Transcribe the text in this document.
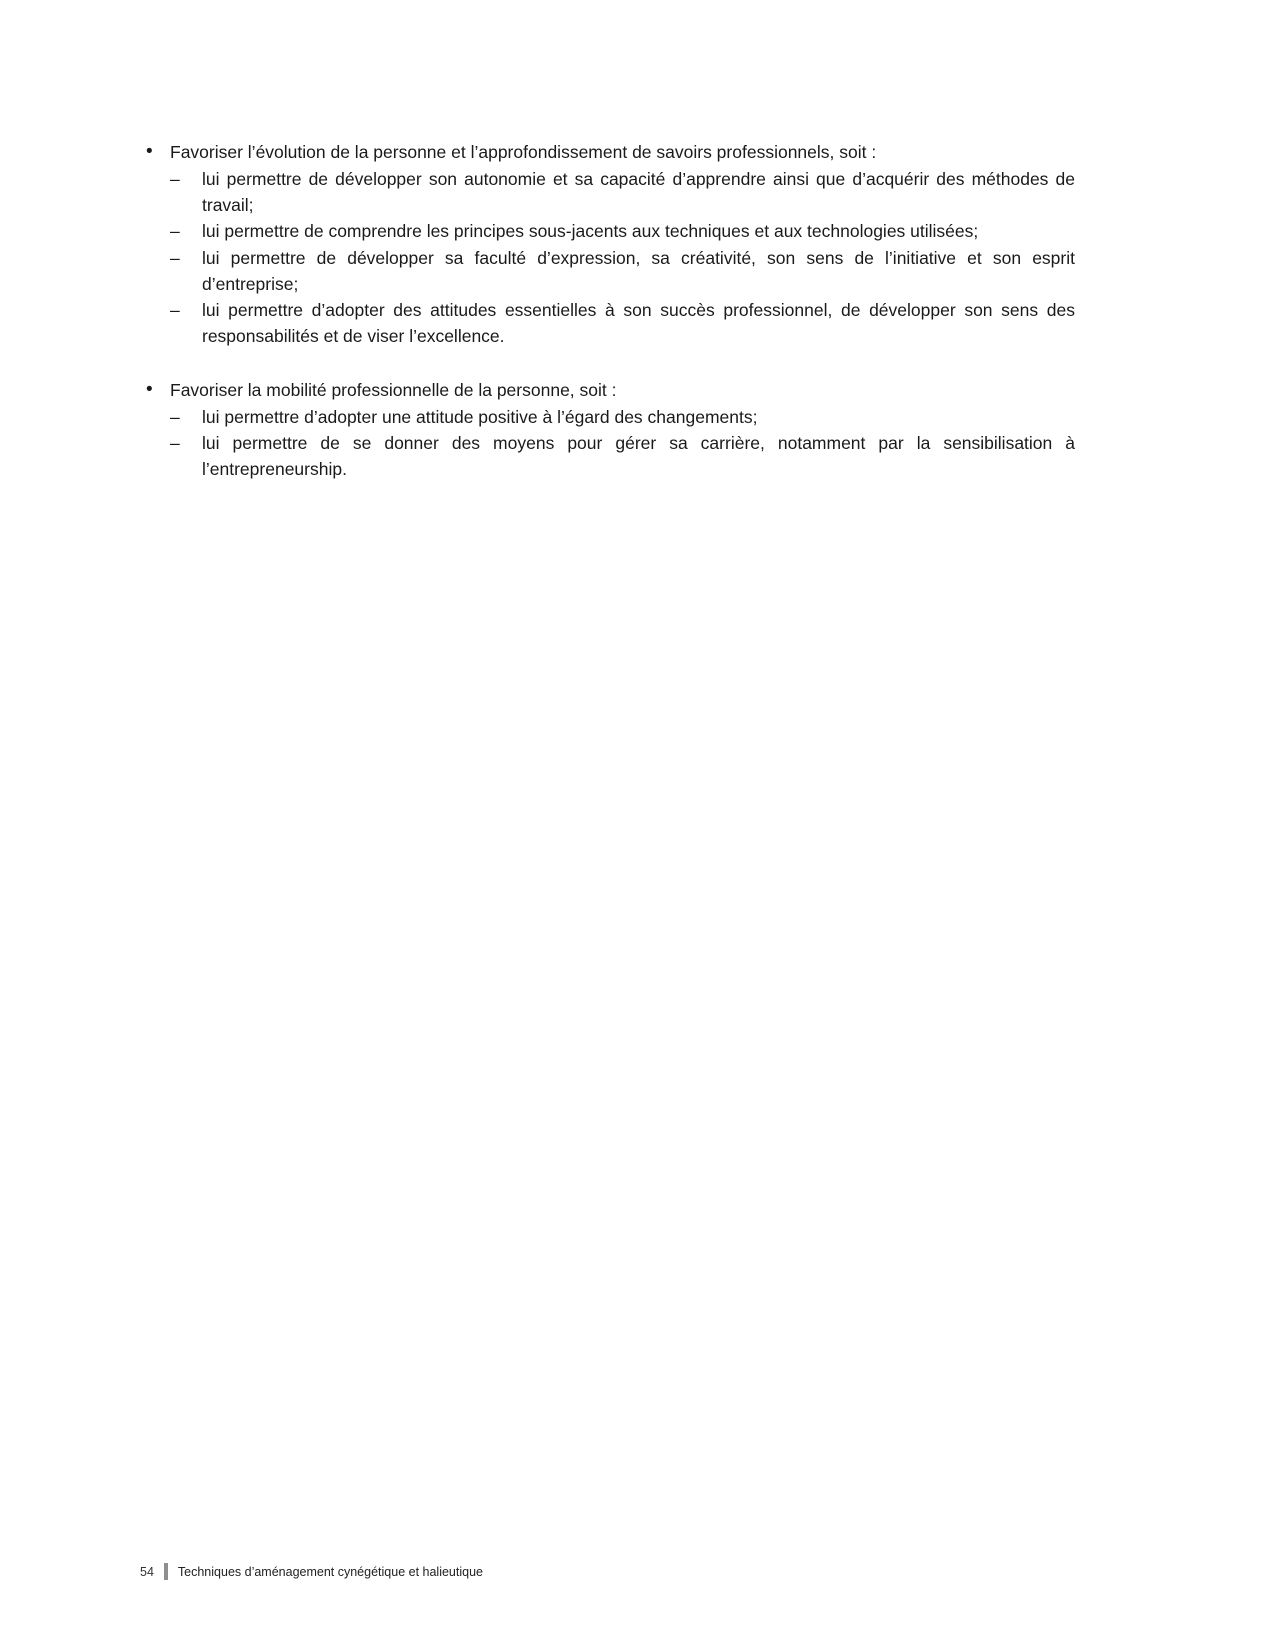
• Favoriser l’évolution de la personne et l’approfondissement de savoirs professionnels, soit :
– lui permettre de développer son autonomie et sa capacité d’apprendre ainsi que d’acquérir des méthodes de travail;
– lui permettre de comprendre les principes sous-jacents aux techniques et aux technologies utilisées;
– lui permettre de développer sa faculté d’expression, sa créativité, son sens de l’initiative et son esprit d’entreprise;
– lui permettre d’adopter des attitudes essentielles à son succès professionnel, de développer son sens des responsabilités et de viser l’excellence.
• Favoriser la mobilité professionnelle de la personne, soit :
– lui permettre d’adopter une attitude positive à l’égard des changements;
– lui permettre de se donner des moyens pour gérer sa carrière, notamment par la sensibilisation à l’entrepreneurship.
54 Techniques d’aménagement cynégétique et halieutique
